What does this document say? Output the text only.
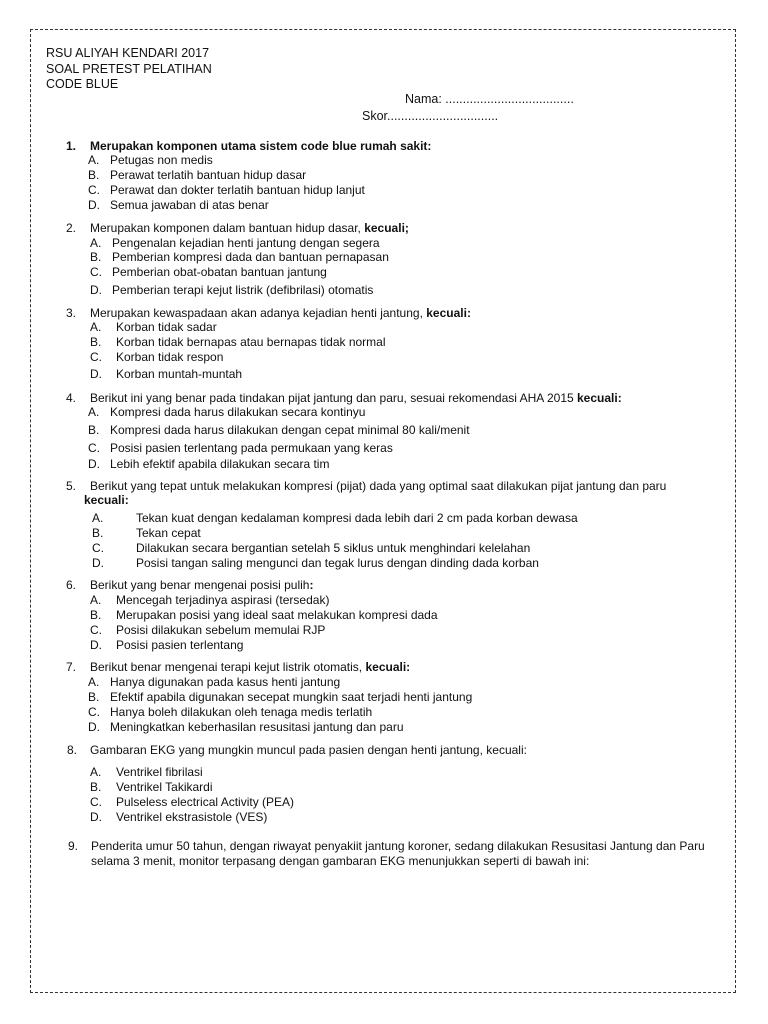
RSU ALIYAH KENDARI 2017
SOAL PRETEST PELATIHAN
CODE BLUE
Nama: .....................................
Skor................................
1. Merupakan komponen utama sistem code blue rumah sakit:
A. Petugas non medis
B. Perawat terlatih bantuan hidup dasar
C. Perawat dan dokter terlatih bantuan hidup lanjut
D. Semua jawaban di atas benar
2. Merupakan komponen dalam bantuan hidup dasar, kecuali;
A. Pengenalan kejadian henti jantung dengan segera
B. Pemberian kompresi dada dan bantuan pernapasan
C. Pemberian obat-obatan bantuan jantung
D. Pemberian terapi kejut listrik (defibrilasi) otomatis
3. Merupakan kewaspadaan akan adanya kejadian henti jantung, kecuali:
A. Korban tidak sadar
B. Korban tidak bernapas atau bernapas tidak normal
C. Korban tidak respon
D. Korban muntah-muntah
4. Berikut ini yang benar pada tindakan pijat jantung dan paru, sesuai rekomendasi AHA 2015 kecuali:
A. Kompresi dada harus dilakukan secara kontinyu
B. Kompresi dada harus dilakukan dengan cepat minimal 80 kali/menit
C. Posisi pasien terlentang pada permukaan yang keras
D. Lebih efektif apabila dilakukan secara tim
5. Berikut yang tepat untuk melakukan kompresi (pijat) dada yang optimal saat dilakukan pijat jantung dan paru
kecuali:
A.	Tekan kuat dengan kedalaman kompresi dada lebih dari 2 cm pada korban dewasa
B.	Tekan cepat
C.	Dilakukan secara bergantian setelah 5 siklus untuk menghindari kelelahan
D.	Posisi tangan saling mengunci dan tegak lurus dengan dinding dada korban
6. Berikut yang benar mengenai posisi pulih:
A. Mencegah terjadinya aspirasi (tersedak)
B. Merupakan posisi yang ideal saat melakukan kompresi dada
C. Posisi dilakukan sebelum memulai RJP
D. Posisi pasien terlentang
7. Berikut benar mengenai terapi kejut listrik otomatis, kecuali:
A. Hanya digunakan pada kasus henti jantung
B. Efektif apabila digunakan secepat mungkin saat terjadi henti jantung
C. Hanya boleh dilakukan oleh tenaga medis terlatih
D. Meningkatkan keberhasilan resusitasi jantung dan paru
8. Gambaran EKG yang mungkin muncul pada pasien dengan henti jantung, kecuali:
A. Ventrikel fibrilasi
B. Ventrikel Takikardi
C. Pulseless electrical Activity (PEA)
D. Ventrikel ekstrasistole (VES)
9. Penderita umur 50 tahun, dengan riwayat penyakiit jantung koroner, sedang dilakukan Resusitasi Jantung dan Paru selama 3 menit, monitor terpasang dengan gambaran EKG menunjukkan seperti di bawah ini:
